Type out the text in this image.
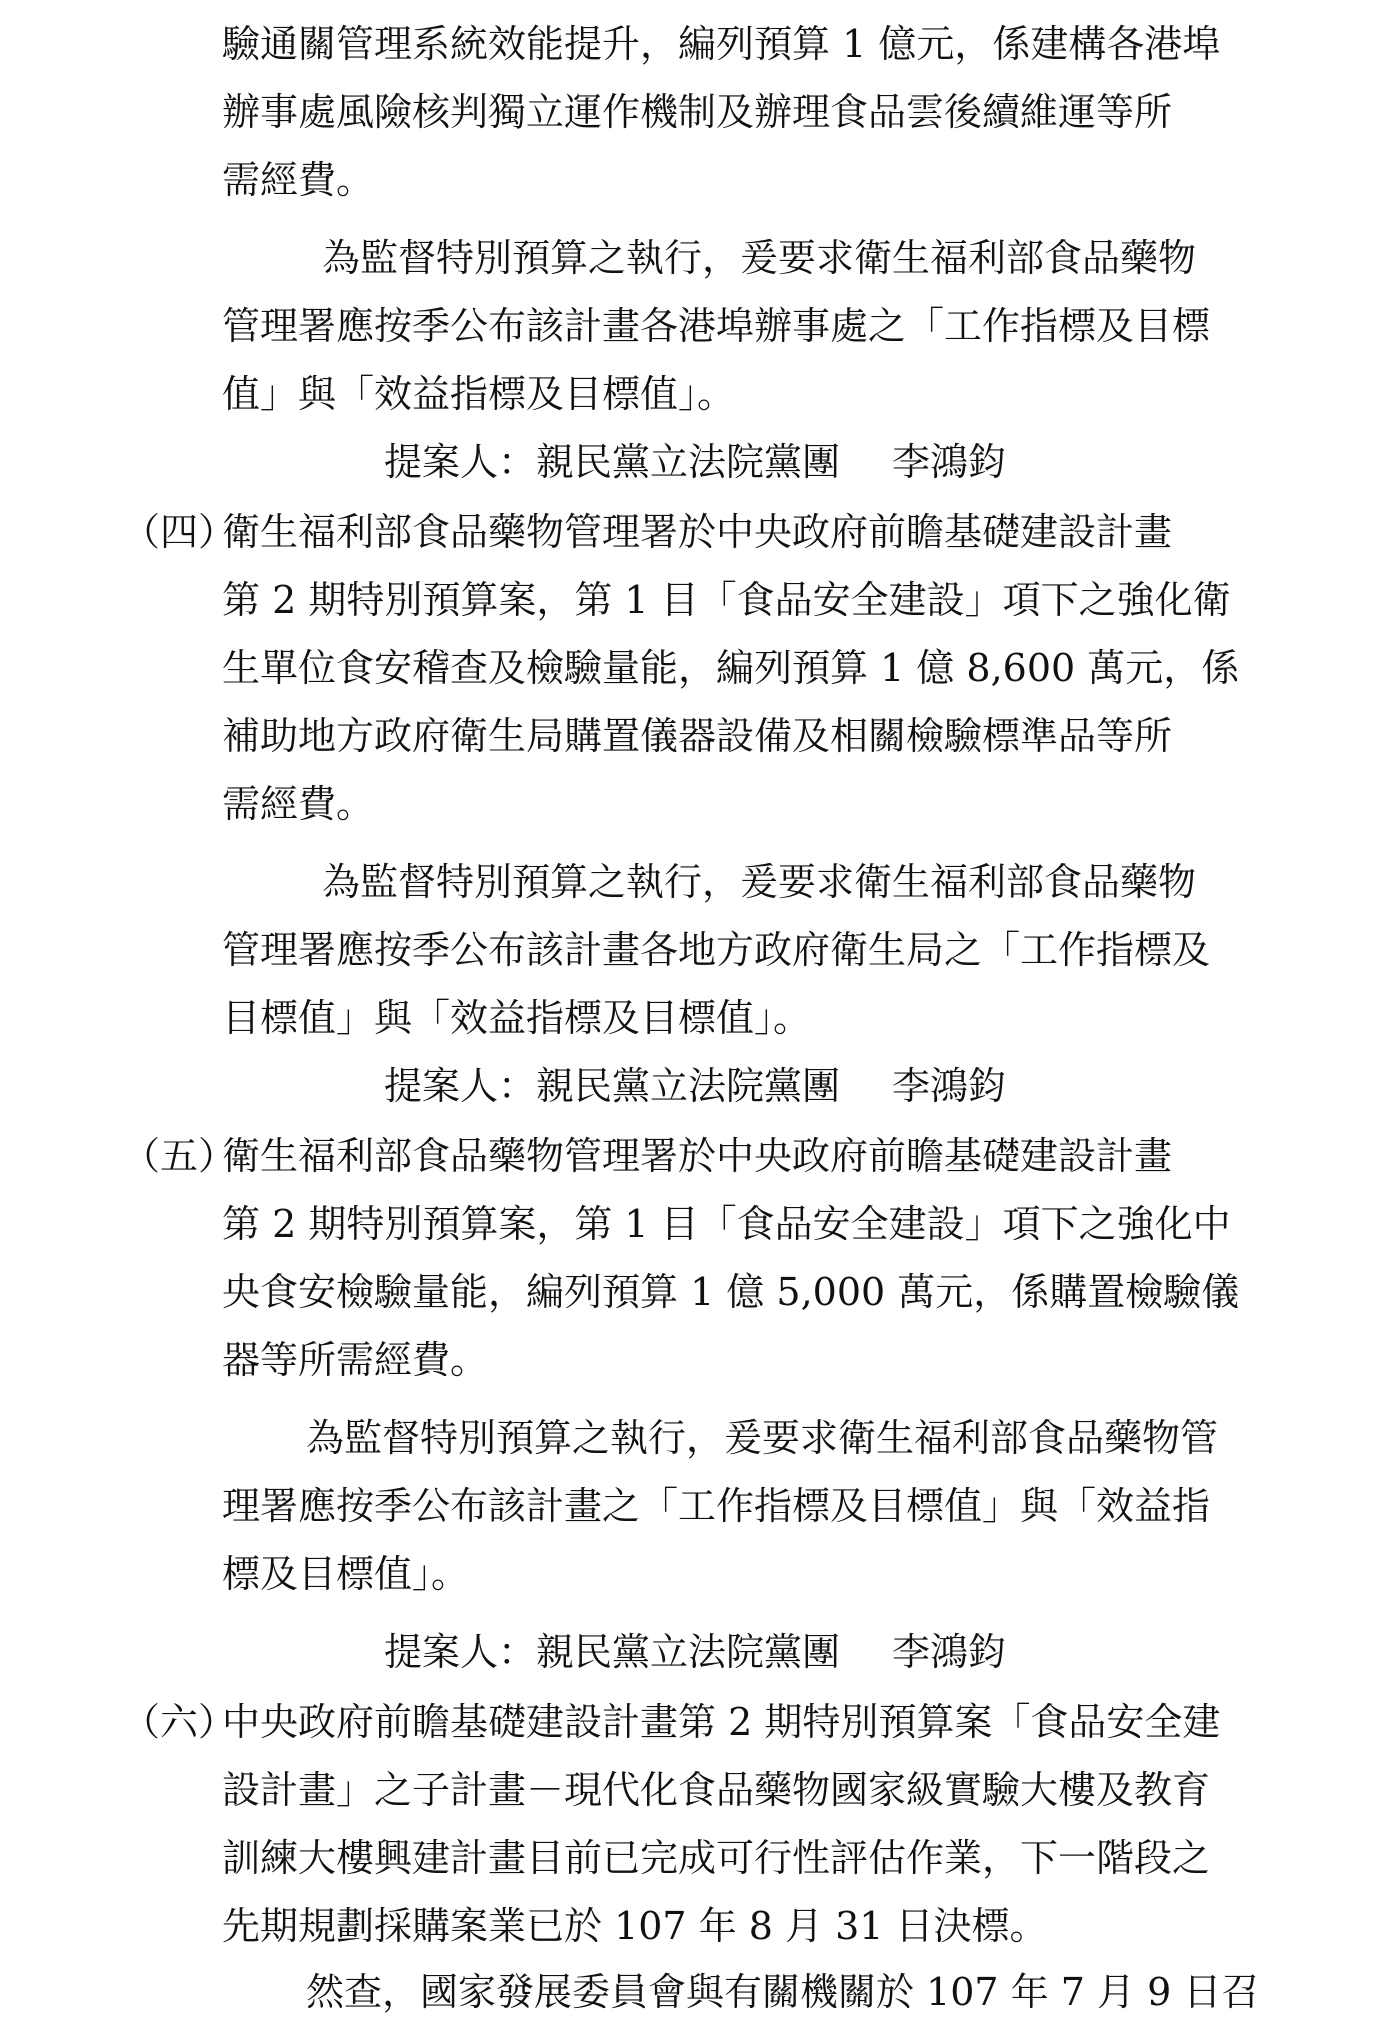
驗通關管理系統效能提升，編列預算 1 億元，係建構各港埠
辦事處風險核判獨立運作機制及辦理食品雲後續維運等所
需經費。
為監督特別預算之執行，爰要求衛生福利部食品藥物
管理署應按季公布該計畫各港埠辦事處之「工作指標及目標
值」與「效益指標及目標值」。
提案人：親民黨立法院黨團 李鴻鈞
（四）
衛生福利部食品藥物管理署於中央政府前瞻基礎建設計畫
第 2 期特別預算案，第 1 目「食品安全建設」項下之強化衛
生單位食安稽查及檢驗量能，編列預算 1 億 8,600 萬元，係
補助地方政府衛生局購置儀器設備及相關檢驗標準品等所
需經費。
為監督特別預算之執行，爰要求衛生福利部食品藥物
管理署應按季公布該計畫各地方政府衛生局之「工作指標及
目標值」與「效益指標及目標值」。
提案人：親民黨立法院黨團 李鴻鈞
（五）
衛生福利部食品藥物管理署於中央政府前瞻基礎建設計畫
第 2 期特別預算案，第 1 目「食品安全建設」項下之強化中
央食安檢驗量能，編列預算 1 億 5,000 萬元，係購置檢驗儀
器等所需經費。
為監督特別預算之執行，爰要求衛生福利部食品藥物管
理署應按季公布該計畫之「工作指標及目標值」與「效益指
標及目標值」。
提案人：親民黨立法院黨團 李鴻鈞
（六）
中央政府前瞻基礎建設計畫第 2 期特別預算案「食品安全建
設計畫」之子計畫－現代化食品藥物國家級實驗大樓及教育
訓練大樓興建計畫目前已完成可行性評估作業，下一階段之
先期規劃採購案業已於 107 年 8 月 31 日決標。
然查，國家發展委員會與有關機關於 107 年 7 月 9 日召
